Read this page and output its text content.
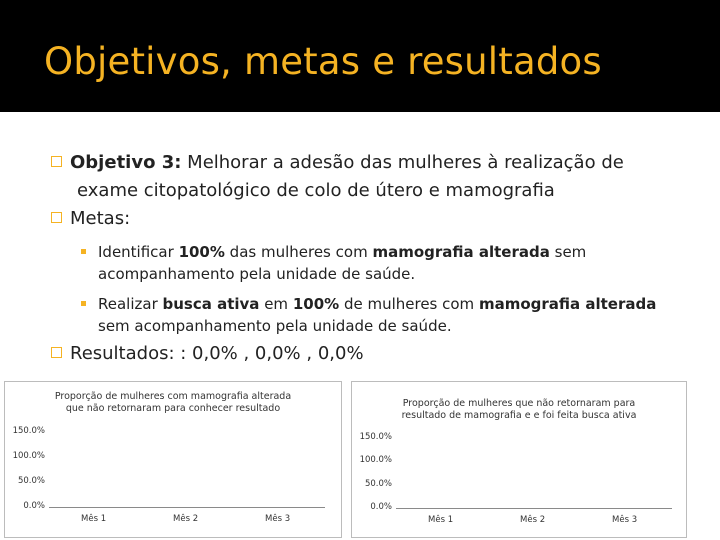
Objetivos, metas e resultados
Objetivo 3: Melhorar a adesão das mulheres à realização de
exame citopatológico de colo de útero e mamografia
Metas:
Identificar 100% das mulheres com mamografia alterada sem
acompanhamento pela unidade de saúde.
Realizar busca ativa em 100% de mulheres com mamografia alterada
sem acompanhamento pela unidade de saúde.
Resultados: : 0,0% , 0,0% , 0,0%
Proporção de mulheres com mamografia alterada
que não retornaram para conhecer resultado
150.0%
100.0%
50.0%
0.0%
Mês 1	Mês 2	Mês 3
Proporção de mulheres que não retornaram para
resultado de mamografia e e foi feita busca ativa
150.0%
100.0%
50.0%
0.0%
Mês 1	Mês 2	Mês 3
